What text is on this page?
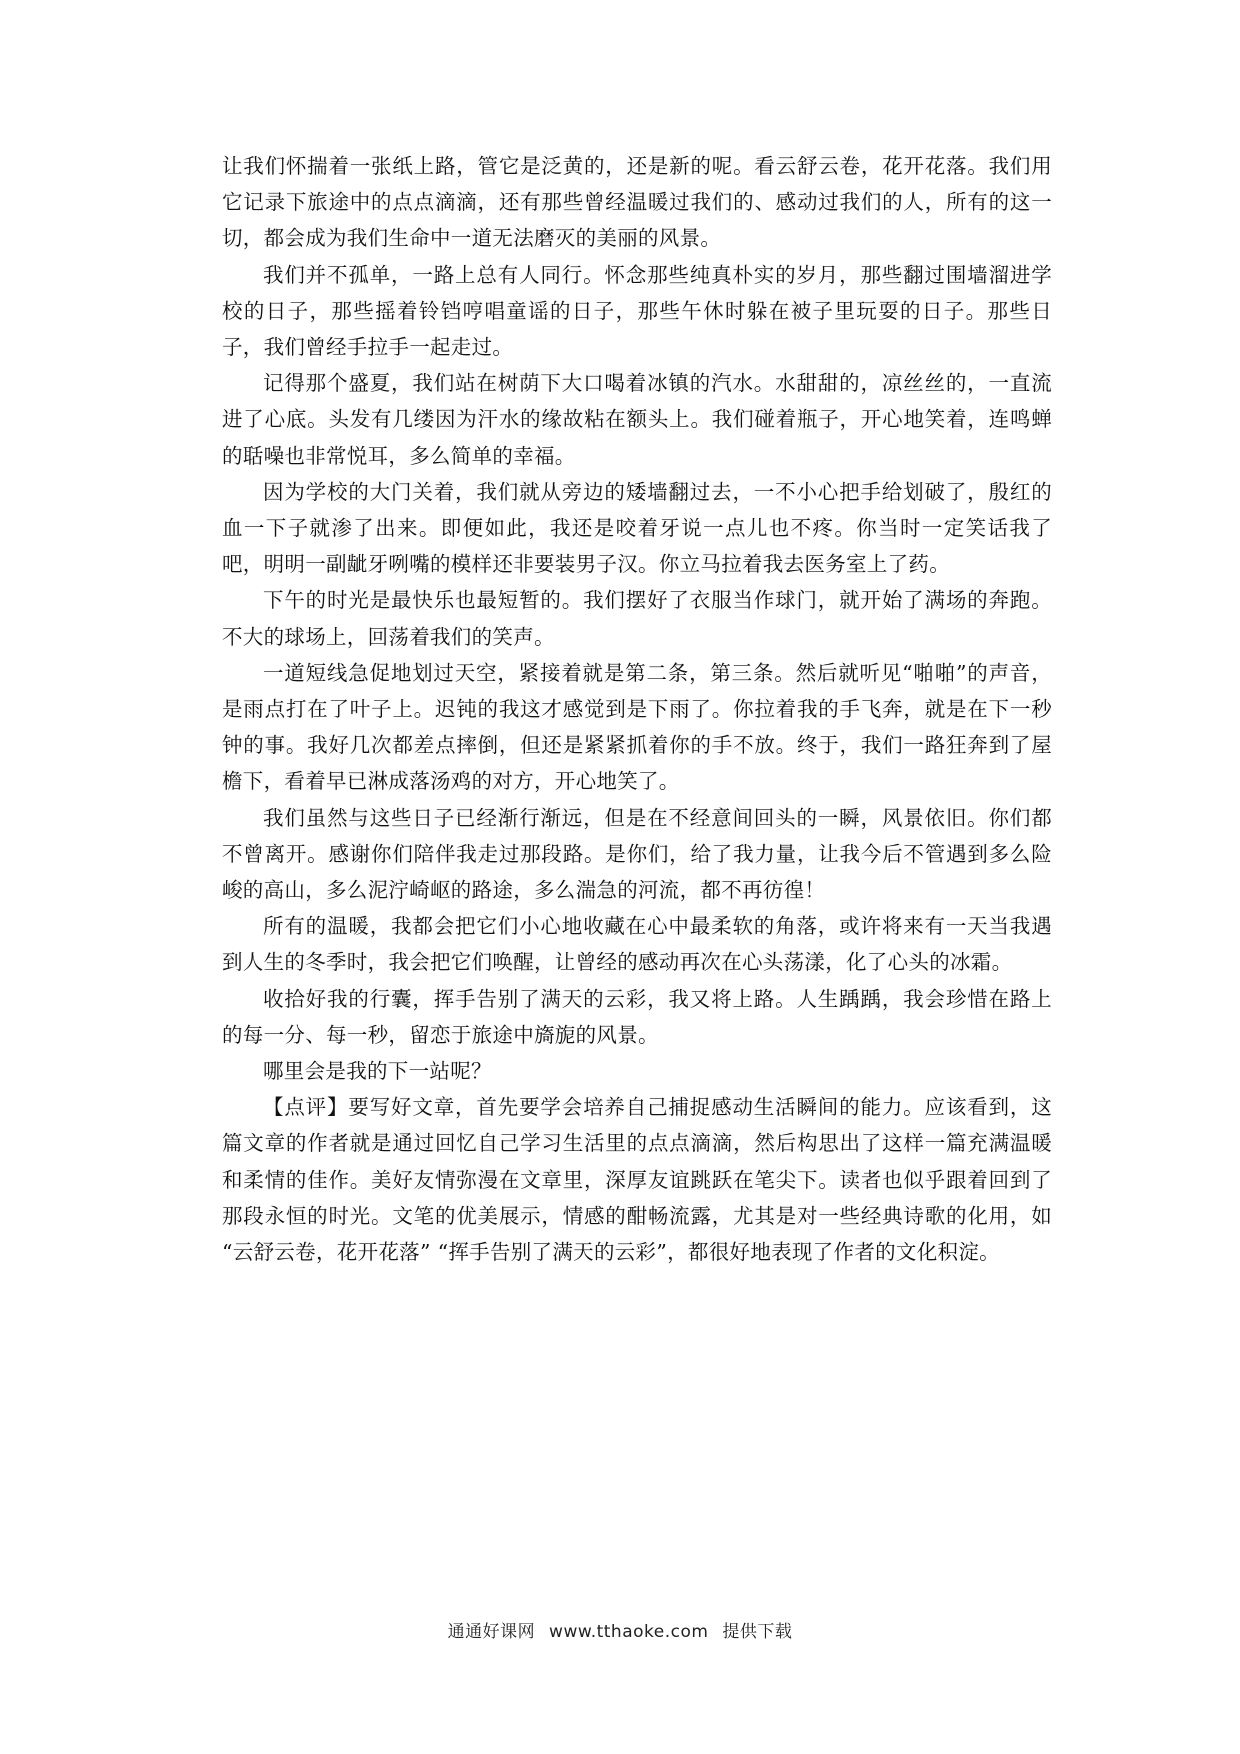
让我们怀揣着一张纸上路，管它是泛黄的，还是新的呢。看云舒云卷，花开花落。我们用它记录下旅途中的点点滴滴，还有那些曾经温暖过我们的、感动过我们的人，所有的这一切，都会成为我们生命中一道无法磨灭的美丽的风景。

我们并不孤单，一路上总有人同行。怀念那些纯真朴实的岁月，那些翻过围墙溜进学校的日子，那些摇着铃铛哼唱童谣的日子，那些午休时躲在被子里玩耍的日子。那些日子，我们曾经手拉手一起走过。

记得那个盛夏，我们站在树荫下大口喝着冰镇的汽水。水甜甜的，凉丝丝的，一直流进了心底。头发有几缕因为汗水的缘故粘在额头上。我们碰着瓶子，开心地笑着，连鸣蝉的聒噪也非常悦耳，多么简单的幸福。

因为学校的大门关着，我们就从旁边的矮墙翻过去，一不小心把手给划破了，殷红的血一下子就渗了出来。即便如此，我还是咬着牙说一点儿也不疼。你当时一定笑话我了吧，明明一副龇牙咧嘴的模样还非要装男子汉。你立马拉着我去医务室上了药。

下午的时光是最快乐也最短暂的。我们摆好了衣服当作球门，就开始了满场的奔跑。不大的球场上，回荡着我们的笑声。

一道短线急促地划过天空，紧接着就是第二条，第三条。然后就听见“啪啪”的声音，是雨点打在了叶子上。迟钝的我这才感觉到是下雨了。你拉着我的手飞奔，就是在下一秒钟的事。我好几次都差点摔倒，但还是紧紧抓着你的手不放。终于，我们一路狂奔到了屋檐下，看着早已淋成落汤鸡的对方，开心地笑了。

我们虽然与这些日子已经渐行渐远，但是在不经意间回头的一瞬，风景依旧。你们都不曾离开。感谢你们陪伴我走过那段路。是你们，给了我力量，让我今后不管遇到多么险峻的高山，多么泥泞崎岖的路途，多么湍急的河流，都不再彷徨！

所有的温暖，我都会把它们小心地收藏在心中最柔软的角落，或许将来有一天当我遇到人生的冬季时，我会把它们唤醒，让曾经的感动再次在心头荡漾，化了心头的冰霜。

收拾好我的行囊，挥手告别了满天的云彩，我又将上路。人生踽踽，我会珍惜在路上的每一分、每一秒，留恋于旅途中旖旎的风景。

哪里会是我的下一站呢？

【点评】要写好文章，首先要学会培养自己捕捉感动生活瞬间的能力。应该看到，这篇文章的作者就是通过回忆自己学习生活里的点点滴滴，然后构思出了这样一篇充满温暖和柔情的佳作。美好友情弥漫在文章里，深厚友谊跳跃在笔尖下。读者也似乎跟着回到了那段永恒的时光。文笔的优美展示，情感的酣畅流露，尤其是对一些经典诗歌的化用，如 “云舒云卷，花开花落” “挥手告别了满天的云彩”，都很好地表现了作者的文化积淀。

通通好课网 www.tthaoke.com 提供下载
